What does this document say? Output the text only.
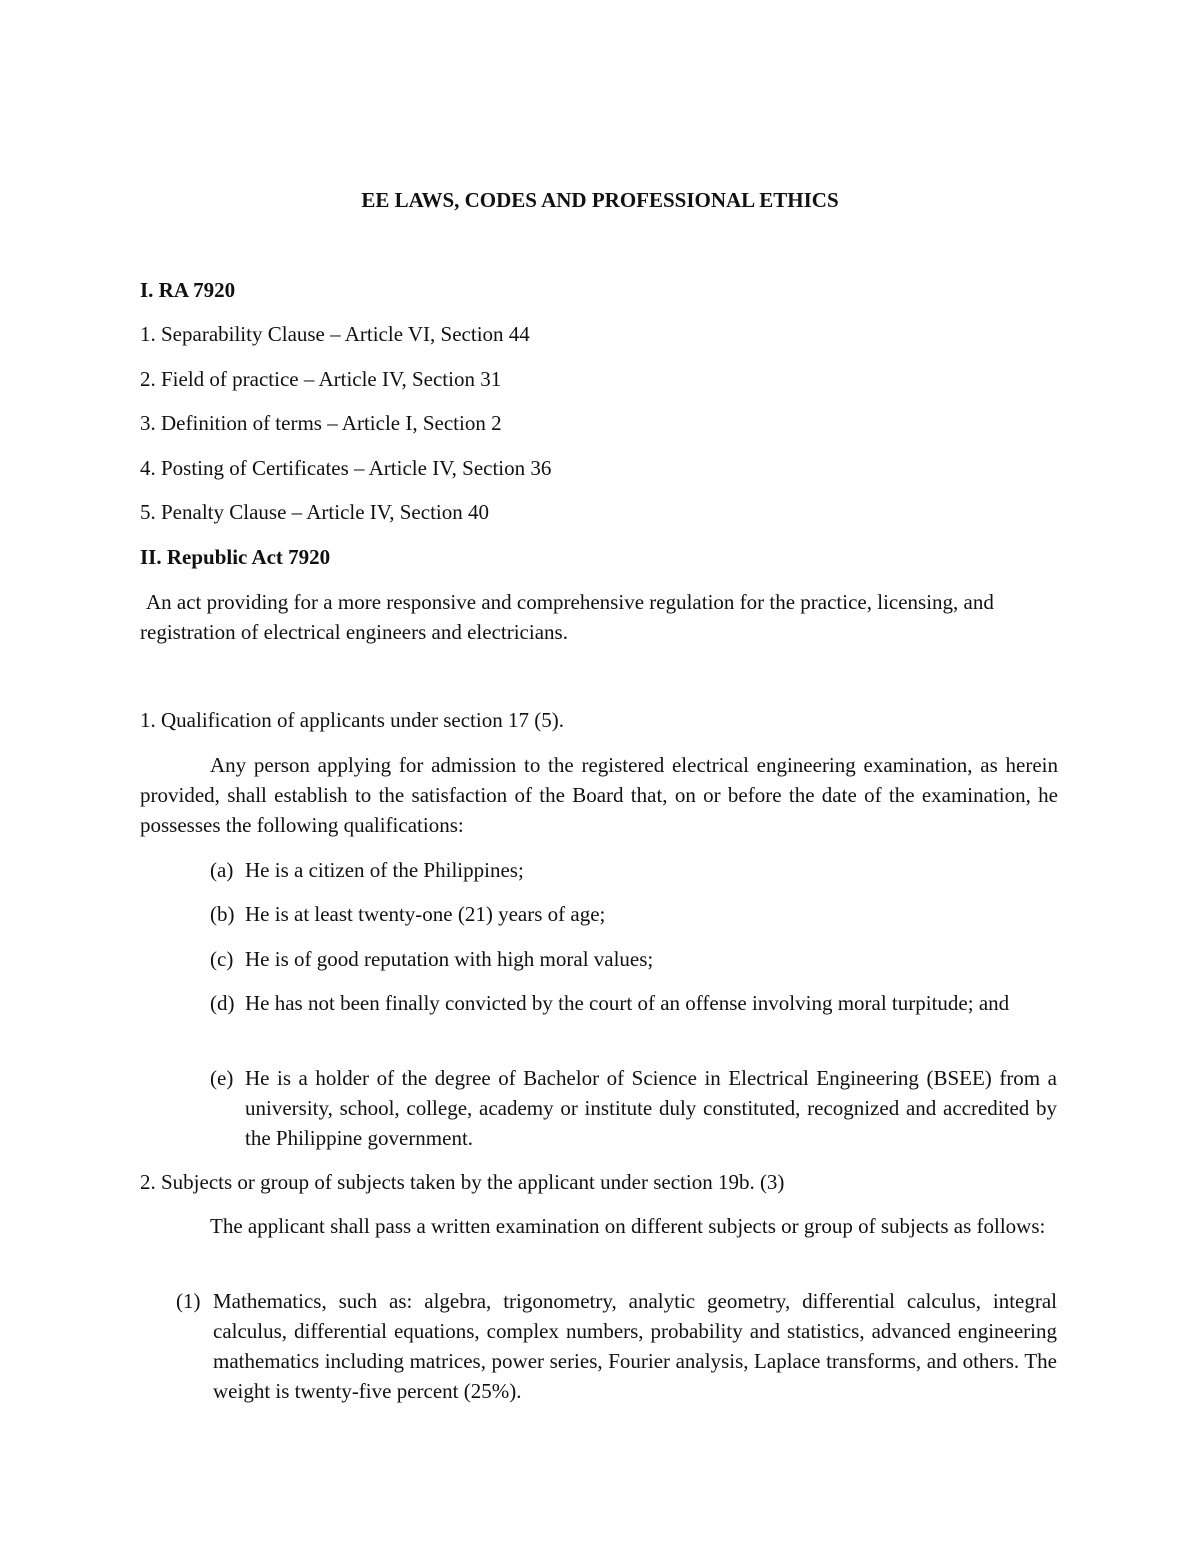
EE LAWS, CODES AND PROFESSIONAL ETHICS

I. RA 7920

1. Separability Clause – Article VI, Section 44

2. Field of practice – Article IV, Section 31

3. Definition of terms – Article I, Section 2

4. Posting of Certificates – Article IV, Section 36

5. Penalty Clause – Article IV, Section 40

II. Republic Act 7920

An act providing for a more responsive and comprehensive regulation for the practice, licensing, and registration of electrical engineers and electricians.

1. Qualification of applicants under section 17 (5).

Any person applying for admission to the registered electrical engineering examination, as herein provided, shall establish to the satisfaction of the Board that, on or before the date of the examination, he possesses the following qualifications:

(a) He is a citizen of the Philippines;

(b) He is at least twenty-one (21) years of age;

(c) He is of good reputation with high moral values;

(d) He has not been finally convicted by the court of an offense involving moral turpitude; and

(e) He is a holder of the degree of Bachelor of Science in Electrical Engineering (BSEE) from a university, school, college, academy or institute duly constituted, recognized and accredited by the Philippine government.

2. Subjects or group of subjects taken by the applicant under section 19b. (3)

The applicant shall pass a written examination on different subjects or group of subjects as follows:

(1) Mathematics, such as: algebra, trigonometry, analytic geometry, differential calculus, integral calculus, differential equations, complex numbers, probability and statistics, advanced engineering mathematics including matrices, power series, Fourier analysis, Laplace transforms, and others. The weight is twenty-five percent (25%).
